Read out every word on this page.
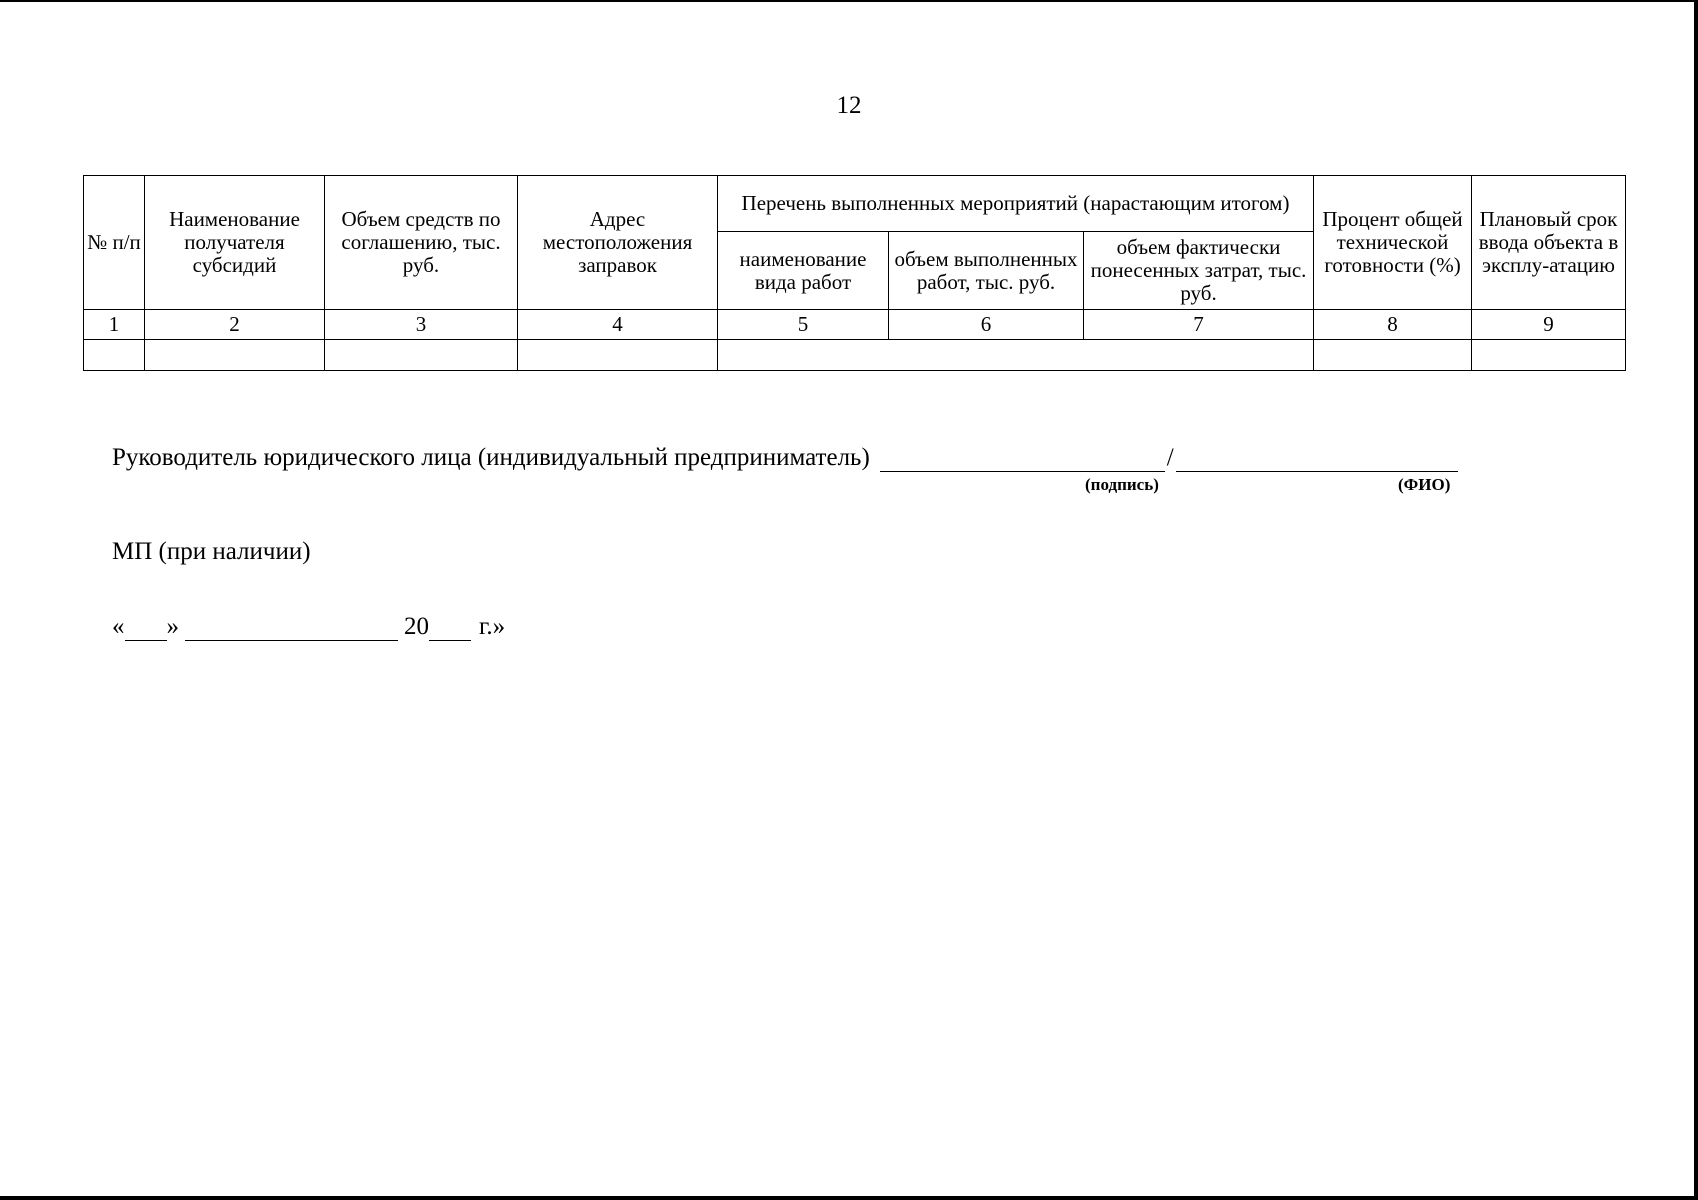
12
№ п/п	Наименование получателя субсидий	Объем средств по соглашению, тыс. руб.	Адрес местоположения заправок	Перечень выполненных мероприятий (нарастающим итогом)			Процент общей технической готовности (%)	Плановый срок ввода объекта в эксплу-атацию
				наименование вида работ	объем выполненных работ, тыс. руб.	объем фактически понесенных затрат, тыс. руб.		
1	2	3	4	5	6	7	8	9

Руководитель юридического лица (индивидуальный предприниматель)	/
(подпись)	(ФИО)
МП (при наличии)
« »	20 г.»
